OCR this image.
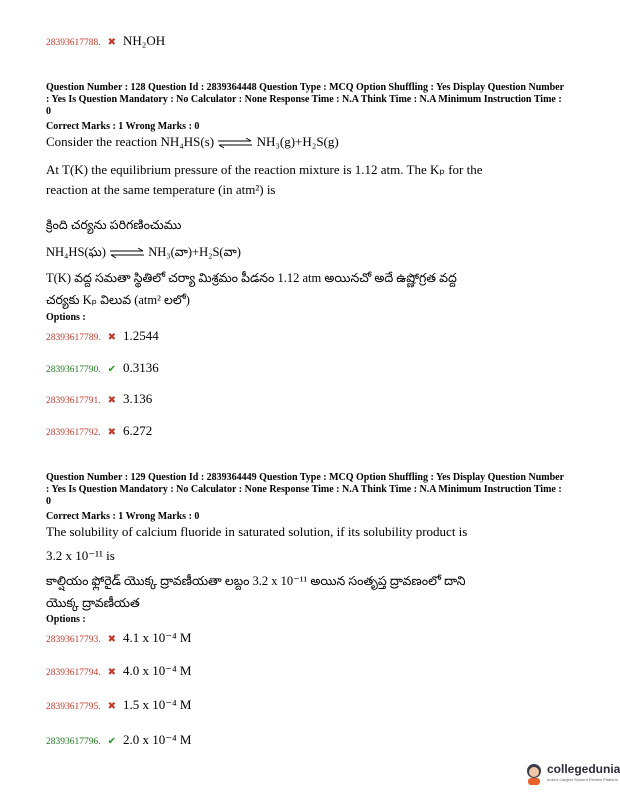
28393617788. ✖ NH₂OH
Question Number : 128 Question Id : 2839364448 Question Type : MCQ Option Shuffling : Yes Display Question Number : Yes Is Question Mandatory : No Calculator : None Response Time : N.A Think Time : N.A Minimum Instruction Time : 0
Correct Marks : 1 Wrong Marks : 0
Consider the reaction NH₄HS(s) ⇌ NH₃(g)+H₂S(g)
At T(K) the equilibrium pressure of the reaction mixture is 1.12 atm. The Kₚ for the
reaction at the same temperature (in atm²) is
క్రింది చర్యను పరిగణించుము
NH₄HS(ఘ) ⇌ NH₃(వా)+H₂S(వా)
T(K) వద్ద సమతా స్థితిలో చర్యా మిశ్రమం పీడనం 1.12 atm అయినచో అదే ఉష్ణోగ్రత వద్ద
చర్యకు Kₚ విలువ (atm² లలో)
Options :
28393617789. ✖ 1.2544
28393617790. ✔ 0.3136
28393617791. ✖ 3.136
28393617792. ✖ 6.272
Question Number : 129 Question Id : 2839364449 Question Type : MCQ Option Shuffling : Yes Display Question Number : Yes Is Question Mandatory : No Calculator : None Response Time : N.A Think Time : N.A Minimum Instruction Time : 0
Correct Marks : 1 Wrong Marks : 0
The solubility of calcium fluoride in saturated solution, if its solubility product is
3.2 x 10⁻¹¹ is
కాల్షియం ఫ్లోరైడ్ యొక్క ద్రావణీయతా లబ్దం 3.2 x 10⁻¹¹ అయిన సంతృప్త ద్రావణంలో దాని
యొక్క ద్రావణీయత
Options :
28393617793. ✖ 4.1 x 10⁻⁴ M
28393617794. ✖ 4.0 x 10⁻⁴ M
28393617795. ✖ 1.5 x 10⁻⁴ M
28393617796. ✔ 2.0 x 10⁻⁴ M
collegedunia
India's Largest Student Review Platform
